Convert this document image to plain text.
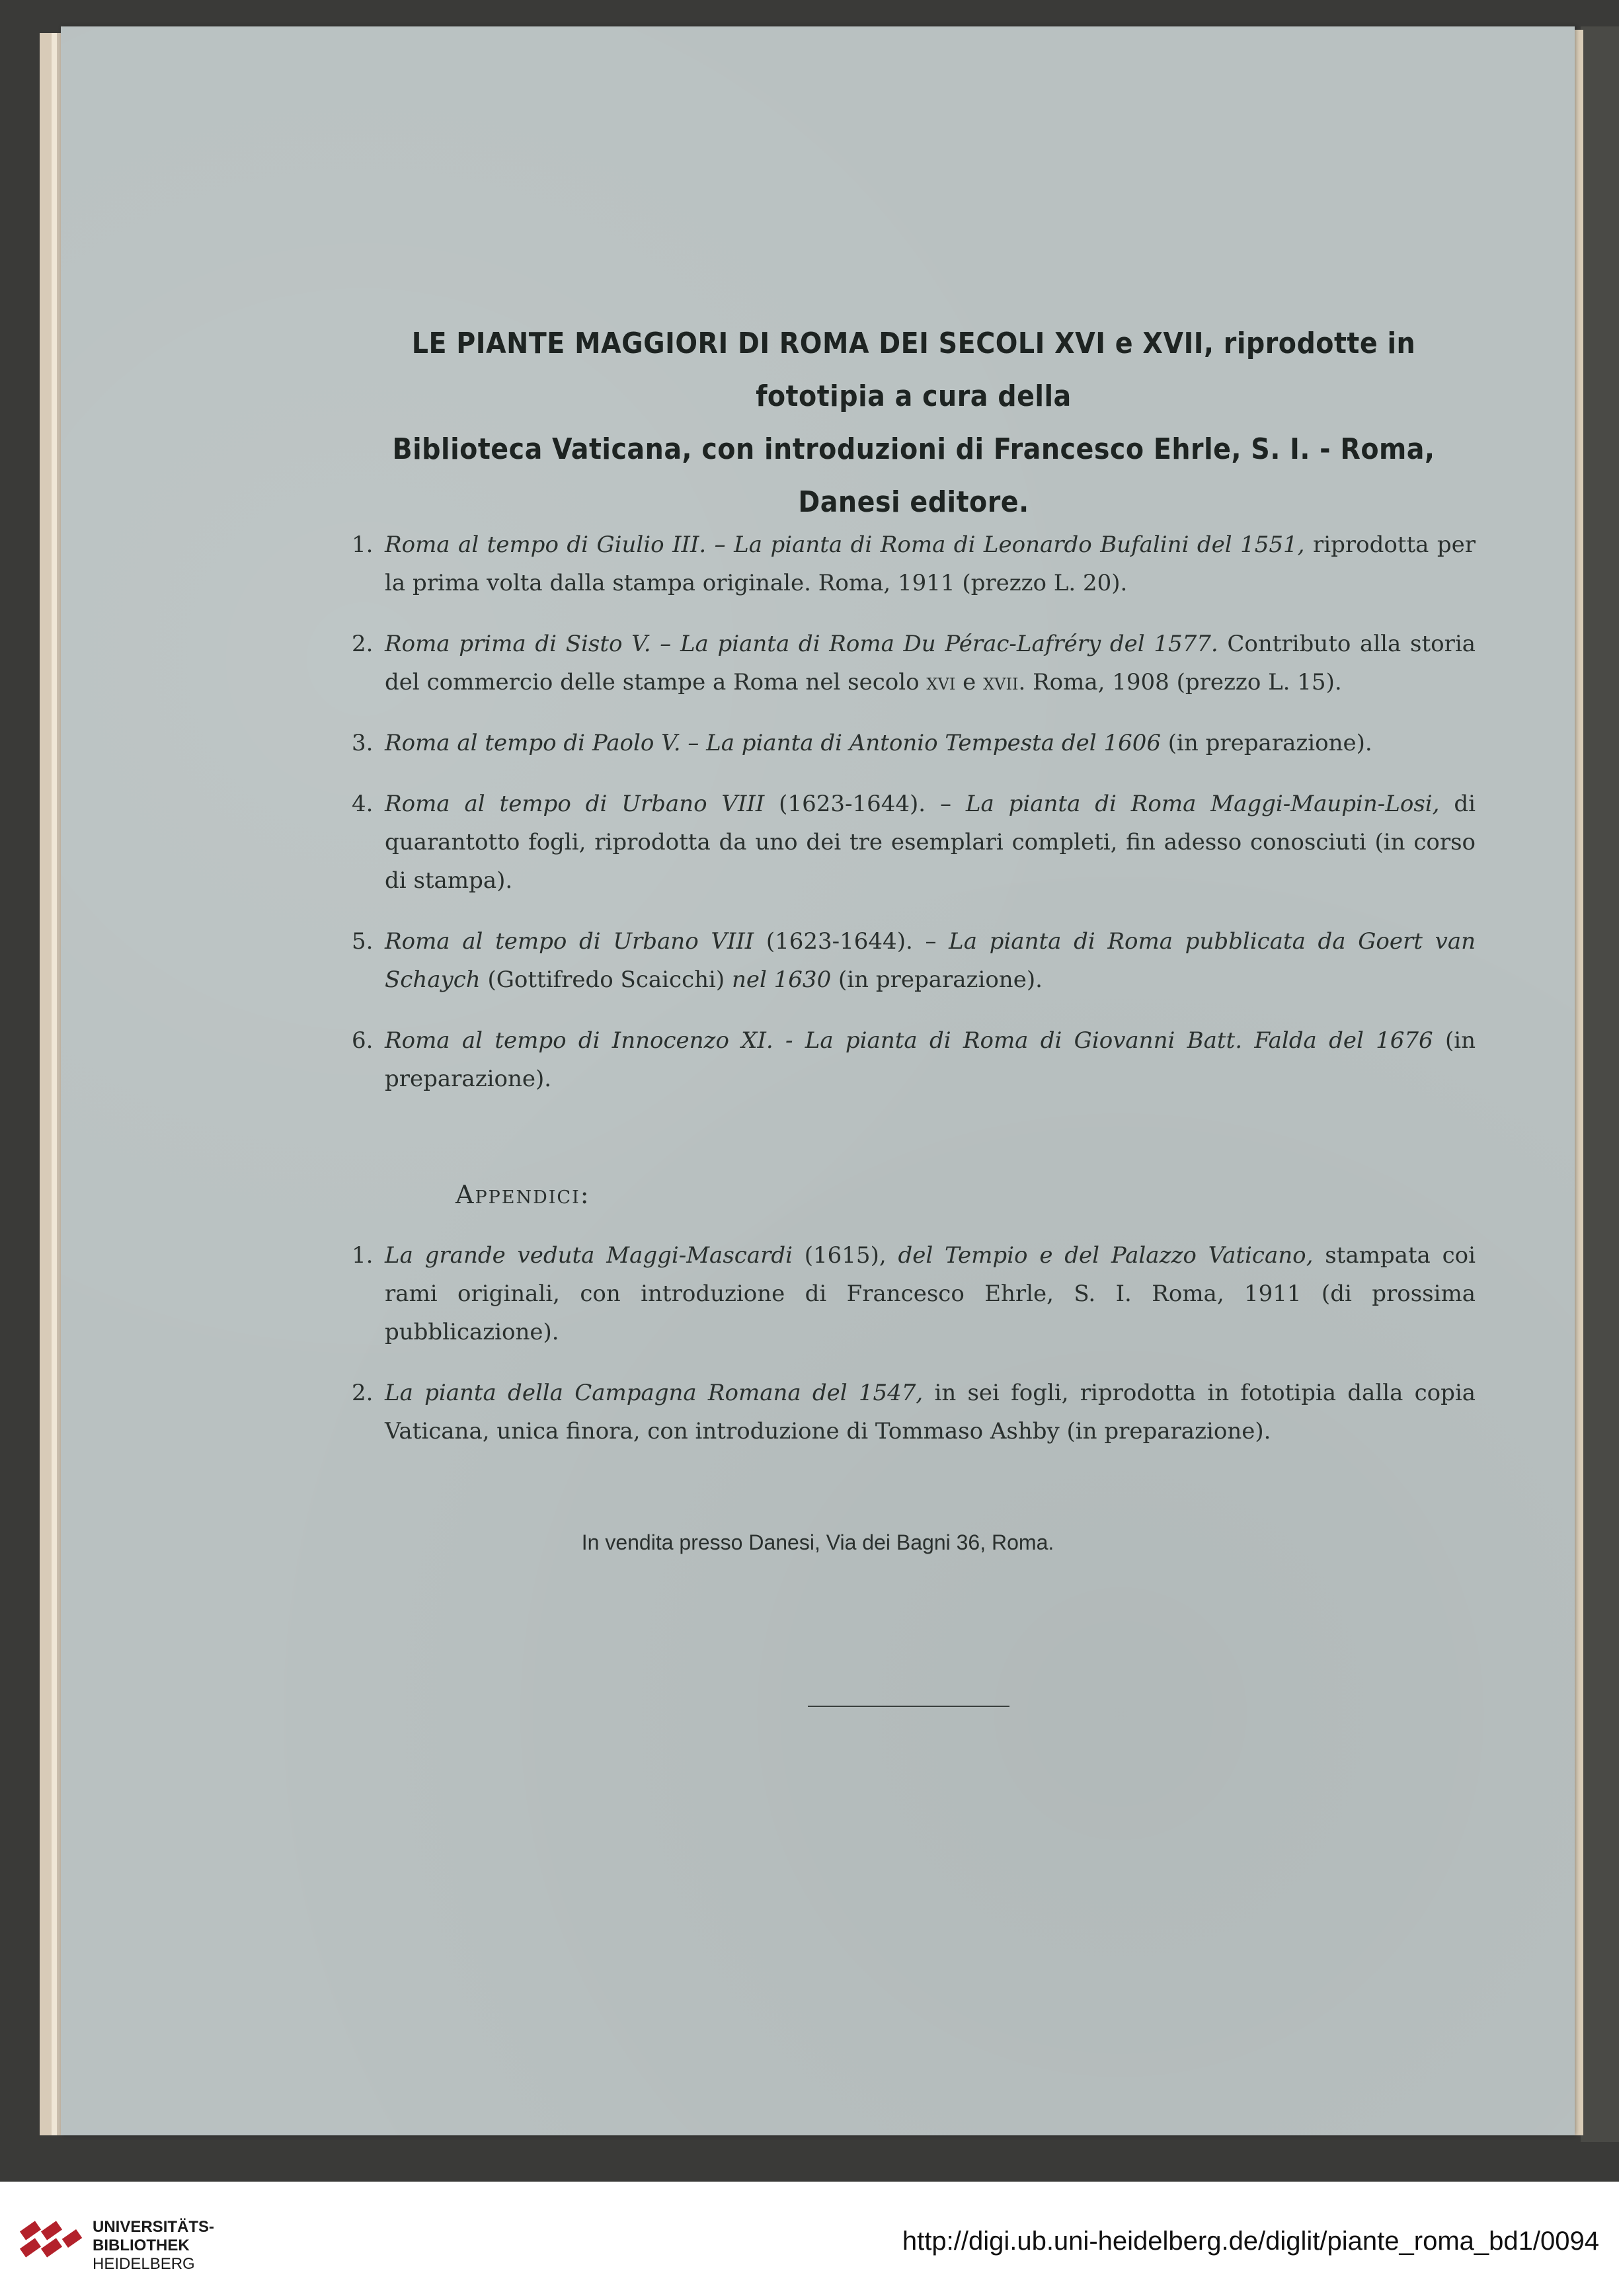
LE PIANTE MAGGIORI DI ROMA DEI SECOLI XVI e XVII, riprodotte in fototipia a cura della
Biblioteca Vaticana, con introduzioni di Francesco Ehrle, S. I. - Roma, Danesi editore.
1. Roma al tempo di Giulio III. – La pianta di Roma di Leonardo Bufalini del 1551, riprodotta per la prima volta dalla stampa originale. Roma, 1911 (prezzo L. 20).
2. Roma prima di Sisto V. – La pianta di Roma Du Pérac-Lafréry del 1577. Contributo alla storia del commercio delle stampe a Roma nel secolo xvi e xvii. Roma, 1908 (prezzo L. 15).
3. Roma al tempo di Paolo V. – La pianta di Antonio Tempesta del 1606 (in preparazione).
4. Roma al tempo di Urbano VIII (1623-1644). – La pianta di Roma Maggi-Maupin-Losi, di quarantotto fogli, riprodotta da uno dei tre esemplari completi, fin adesso conosciuti (in corso di stampa).
5. Roma al tempo di Urbano VIII (1623-1644). – La pianta di Roma pubblicata da Goert van Schaych (Gottifredo Scaicchi) nel 1630 (in preparazione).
6. Roma al tempo di Innocenzo XI. - La pianta di Roma di Giovanni Batt. Falda del 1676 (in preparazione).
Appendici:
1. La grande veduta Maggi-Mascardi (1615), del Tempio e del Palazzo Vaticano, stampata coi rami originali, con introduzione di Francesco Ehrle, S. I. Roma, 1911 (di prossima pubblicazione).
2. La pianta della Campagna Romana del 1547, in sei fogli, riprodotta in fototipia dalla copia Vaticana, unica finora, con introduzione di Tommaso Ashby (in preparazione).
In vendita presso Danesi, Via dei Bagni 36, Roma.
UNIVERSITÄTS-
BIBLIOTHEK
HEIDELBERG
http://digi.ub.uni-heidelberg.de/diglit/piante_roma_bd1/0094
